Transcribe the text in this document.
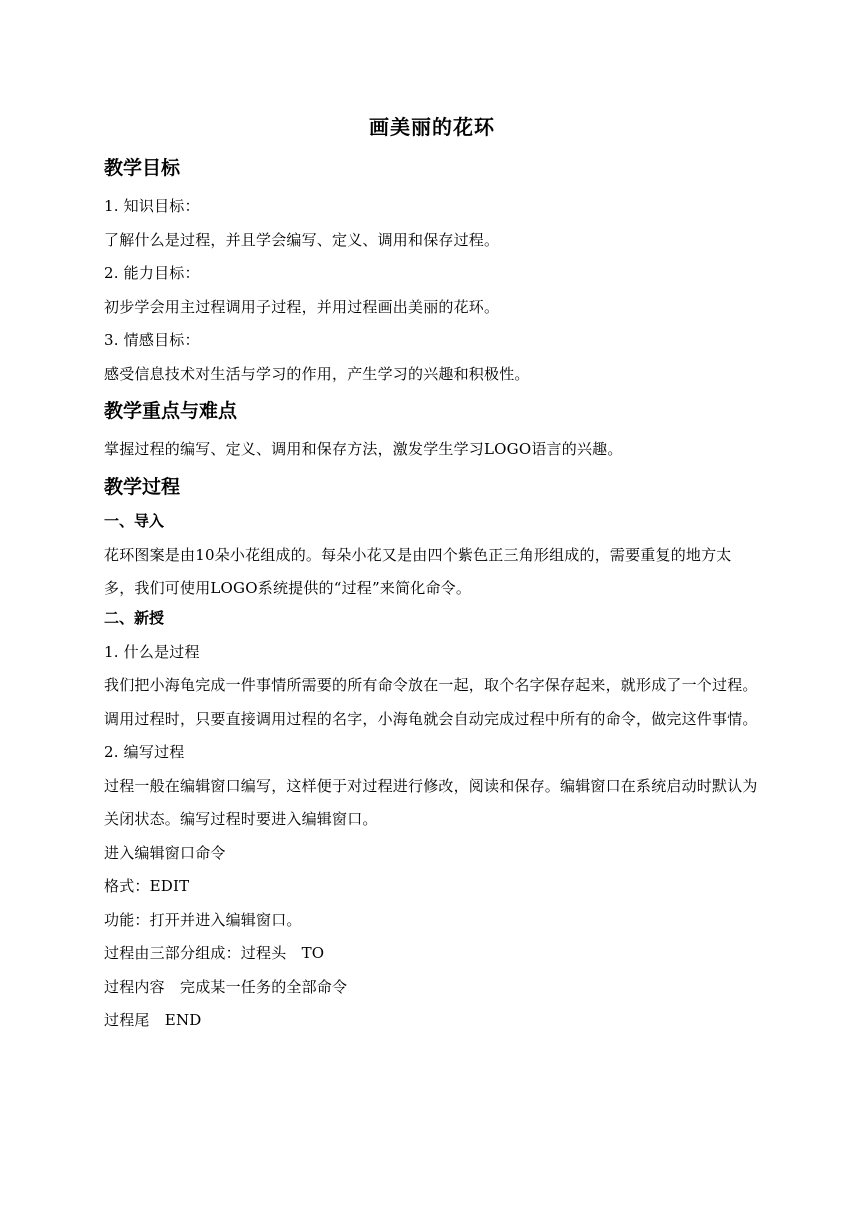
画美丽的花环
教学目标

1. 知识目标：

了解什么是过程，并且学会编写、定义、调用和保存过程。

2. 能力目标：

初步学会用主过程调用子过程，并用过程画出美丽的花环。

3. 情感目标：

感受信息技术对生活与学习的作用，产生学习的兴趣和积极性。

教学重点与难点

掌握过程的编写、定义、调用和保存方法，激发学生学习LOGO语言的兴趣。

教学过程
一、导入

花环图案是由10朵小花组成的。每朵小花又是由四个紫色正三角形组成的，需要重复的地方太多，我们可使用LOGO系统提供的“过程”来简化命令。

二、新授

1. 什么是过程

我们把小海龟完成一件事情所需要的所有命令放在一起，取个名字保存起来，就形成了一个过程。调用过程时，只要直接调用过程的名字，小海龟就会自动完成过程中所有的命令，做完这件事情。

2. 编写过程

过程一般在编辑窗口编写，这样便于对过程进行修改，阅读和保存。编辑窗口在系统启动时默认为关闭状态。编写过程时要进入编辑窗口。

进入编辑窗口命令

格式：EDIT

功能：打开并进入编辑窗口。

过程由三部分组成：过程头　TO

过程内容　完成某一任务的全部命令

过程尾　END
